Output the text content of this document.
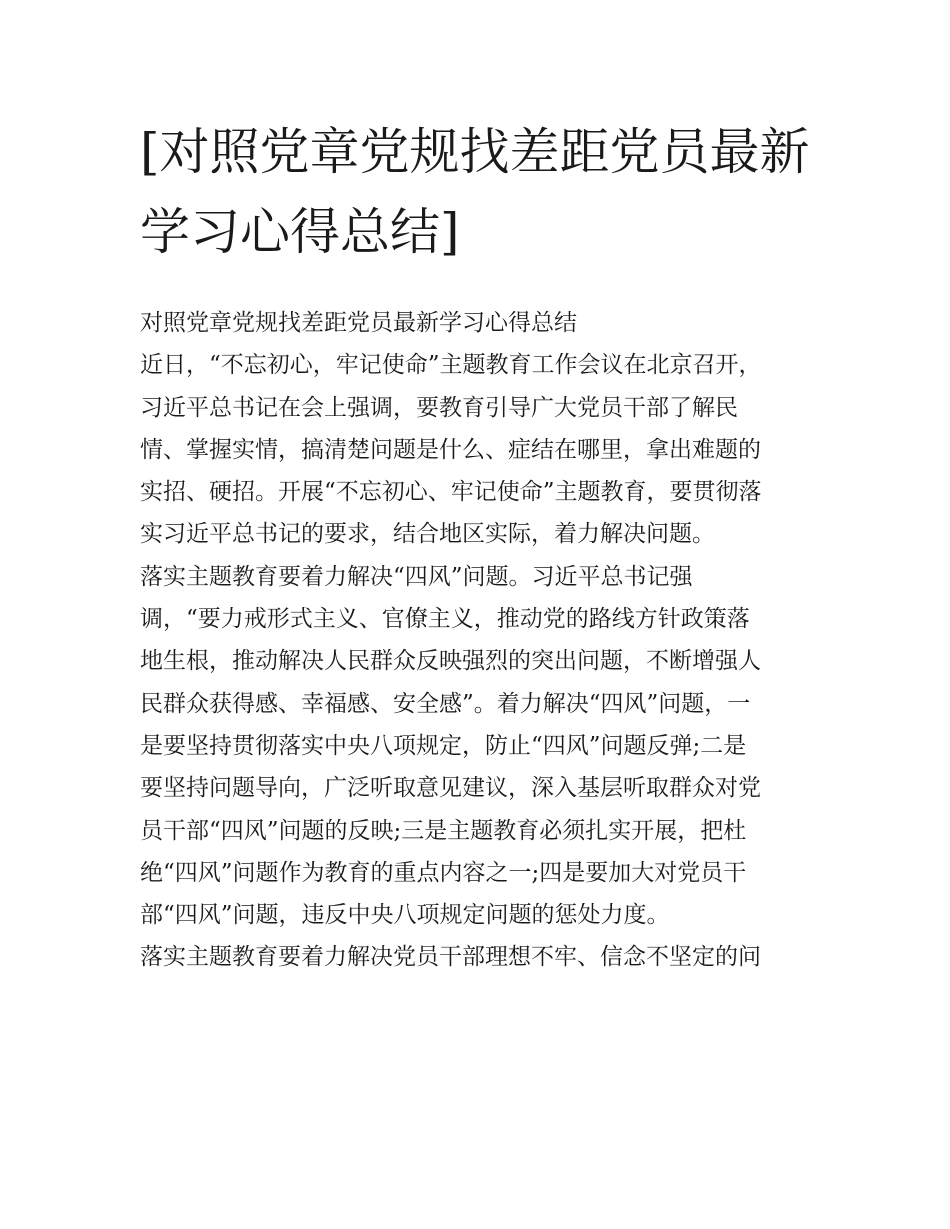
[对照党章党规找差距党员最新
学习心得总结]
对照党章党规找差距党员最新学习心得总结
近日，“不忘初心，牢记使命”主题教育工作会议在北京召开，
习近平总书记在会上强调，要教育引导广大党员干部了解民
情、掌握实情，搞清楚问题是什么、症结在哪里，拿出难题的
实招、硬招。开展“不忘初心、牢记使命”主题教育，要贯彻落
实习近平总书记的要求，结合地区实际，着力解决问题。
落实主题教育要着力解决“四风”问题。习近平总书记强
调，“要力戒形式主义、官僚主义，推动党的路线方针政策落
地生根，推动解决人民群众反映强烈的突出问题，不断增强人
民群众获得感、幸福感、安全感”。着力解决“四风”问题，一
是要坚持贯彻落实中央八项规定，防止“四风”问题反弹;二是
要坚持问题导向，广泛听取意见建议，深入基层听取群众对党
员干部“四风”问题的反映;三是主题教育必须扎实开展，把杜
绝“四风”问题作为教育的重点内容之一;四是要加大对党员干
部“四风”问题，违反中央八项规定问题的惩处力度。
落实主题教育要着力解决党员干部理想不牢、信念不坚定的问
